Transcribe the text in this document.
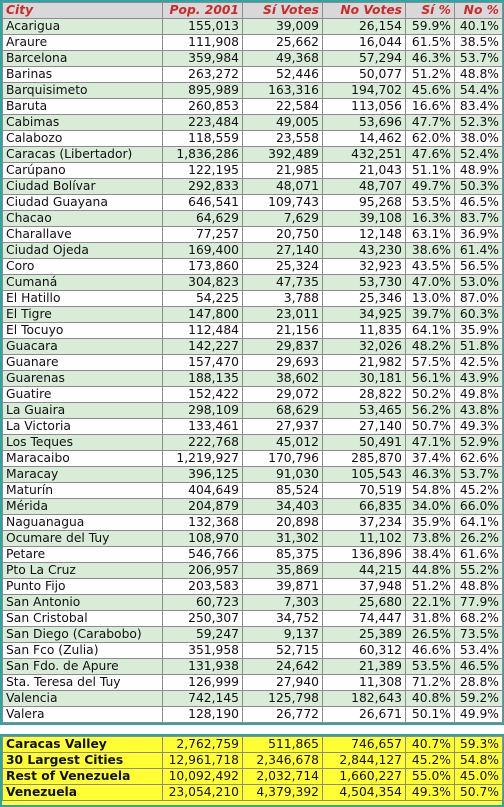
City	Pop. 2001	Sí Votes	No Votes	Sí %	No %
Acarigua	155,013	39,009	26,154	59.9%	40.1%
Araure	111,908	25,662	16,044	61.5%	38.5%
Barcelona	359,984	49,368	57,294	46.3%	53.7%
Barinas	263,272	52,446	50,077	51.2%	48.8%
Barquisimeto	895,989	163,316	194,702	45.6%	54.4%
Baruta	260,853	22,584	113,056	16.6%	83.4%
Cabimas	223,484	49,005	53,696	47.7%	52.3%
Calabozo	118,559	23,558	14,462	62.0%	38.0%
Caracas (Libertador)	1,836,286	392,489	432,251	47.6%	52.4%
Carúpano	122,195	21,985	21,043	51.1%	48.9%
Ciudad Bolívar	292,833	48,071	48,707	49.7%	50.3%
Ciudad Guayana	646,541	109,743	95,268	53.5%	46.5%
Chacao	64,629	7,629	39,108	16.3%	83.7%
Charallave	77,257	20,750	12,148	63.1%	36.9%
Ciudad Ojeda	169,400	27,140	43,230	38.6%	61.4%
Coro	173,860	25,324	32,923	43.5%	56.5%
Cumaná	304,823	47,735	53,730	47.0%	53.0%
El Hatillo	54,225	3,788	25,346	13.0%	87.0%
El Tigre	147,800	23,011	34,925	39.7%	60.3%
El Tocuyo	112,484	21,156	11,835	64.1%	35.9%
Guacara	142,227	29,837	32,026	48.2%	51.8%
Guanare	157,470	29,693	21,982	57.5%	42.5%
Guarenas	188,135	38,602	30,181	56.1%	43.9%
Guatire	152,422	29,072	28,822	50.2%	49.8%
La Guaira	298,109	68,629	53,465	56.2%	43.8%
La Victoria	133,461	27,937	27,140	50.7%	49.3%
Los Teques	222,768	45,012	50,491	47.1%	52.9%
Maracaibo	1,219,927	170,796	285,870	37.4%	62.6%
Maracay	396,125	91,030	105,543	46.3%	53.7%
Maturín	404,649	85,524	70,519	54.8%	45.2%
Mérida	204,879	34,403	66,835	34.0%	66.0%
Naguanagua	132,368	20,898	37,234	35.9%	64.1%
Ocumare del Tuy	108,970	31,302	11,102	73.8%	26.2%
Petare	546,766	85,375	136,896	38.4%	61.6%
Pto La Cruz	206,957	35,869	44,215	44.8%	55.2%
Punto Fijo	203,583	39,871	37,948	51.2%	48.8%
San Antonio	60,723	7,303	25,680	22.1%	77.9%
San Cristobal	250,307	34,752	74,447	31.8%	68.2%
San Diego (Carabobo)	59,247	9,137	25,389	26.5%	73.5%
San Fco (Zulia)	351,958	52,715	60,312	46.6%	53.4%
San Fdo. de Apure	131,938	24,642	21,389	53.5%	46.5%
Sta. Teresa del Tuy	126,999	27,940	11,308	71.2%	28.8%
Valencia	742,145	125,798	182,643	40.8%	59.2%
Valera	128,190	26,772	26,671	50.1%	49.9%
Caracas Valley	2,762,759	511,865	746,657	40.7%	59.3%
30 Largest Cities	12,961,718	2,346,678	2,844,127	45.2%	54.8%
Rest of Venezuela	10,092,492	2,032,714	1,660,227	55.0%	45.0%
Venezuela	23,054,210	4,379,392	4,504,354	49.3%	50.7%
